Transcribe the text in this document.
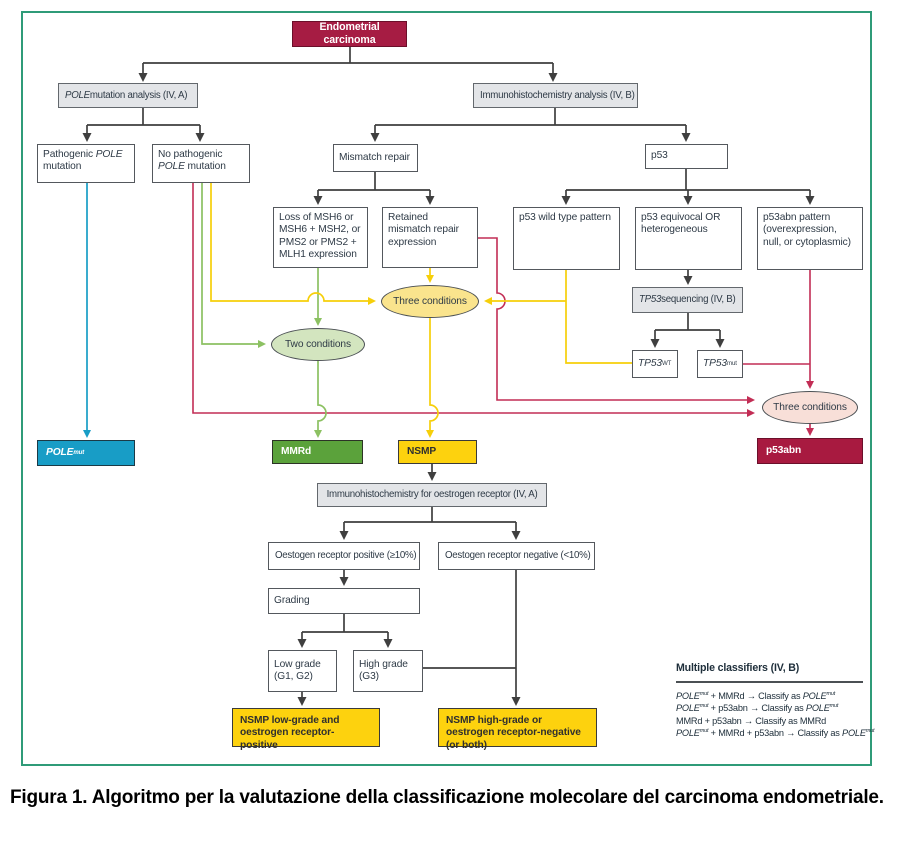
Endometrial carcinoma
POLE mutation analysis (IV, A)	Immunohistochemistry analysis (IV, B)
Pathogenic POLE mutation
No pathogenic POLE mutation
Mismatch repair	p53
Loss of MSH6 or MSH6 + MSH2, or PMS2 or PMS2 + MLH1 expression
Retained mismatch repair expression
p53 wild type pattern	p53 equivocal OR heterogeneous
p53abn pattern (overexpression, null, or cytoplasmic)
TP53 sequencing (IV, B)
TP53 WT	TP53 mut
Three conditions
Two conditions
Three conditions
POLE mut	MMRd	NSMP	p53abn
Immunohistochemistry for oestrogen receptor (IV, A)
Oestogen receptor positive (≥10%)	Oestogen receptor negative (<10%)
Grading
Low grade (G1, G2)
High grade (G3)
NSMP low-grade and oestrogen receptor-positive
NSMP high-grade or oestrogen receptor-negative (or both)
Multiple classifiers (IV, B)
$POLE^{mut}$ + MMRd → Classify as $POLE^{mut}$
$POLE^{mut} + p53abn$ → Classify as $POLE^{mut}$
MMRd + p53abn → Classify as MMRd
$POLE^{mut}$ + MMRd + p53abn → Classify as $POLE^{mut}$
Figura 1. Algoritmo per la valutazione della classificazione molecolare del carcinoma endometriale.
